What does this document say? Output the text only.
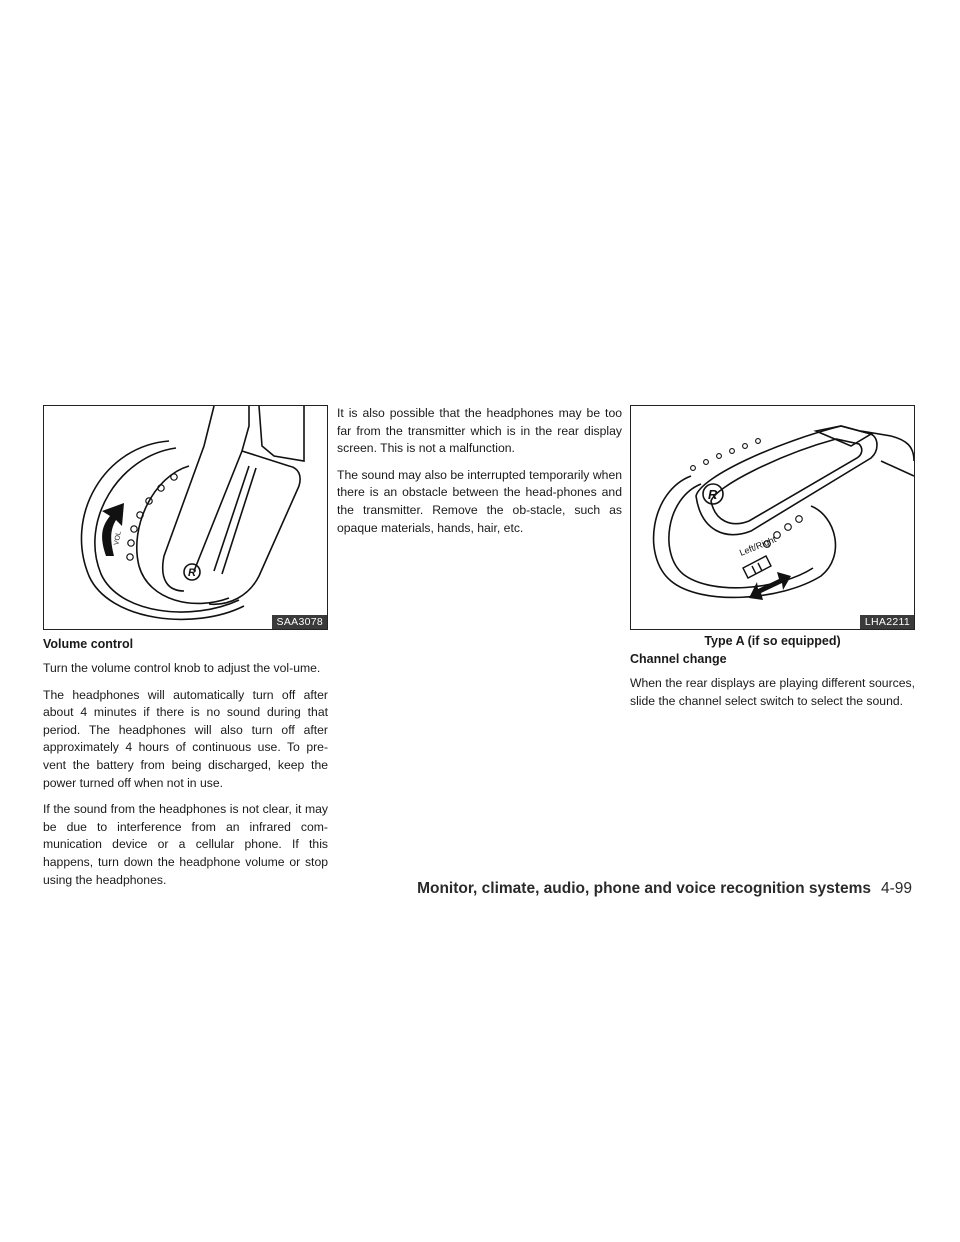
R
VOL
SAA3078
Volume control

Turn the volume control knob to adjust the vol-ume.

The headphones will automatically turn off after about 4 minutes if there is no sound during that period. The headphones will also turn off after approximately 4 hours of continuous use. To pre-vent the battery from being discharged, keep the power turned off when not in use.

If the sound from the headphones is not clear, it may be due to interference from an infrared com-munication device or a cellular phone. If this happens, turn down the headphone volume or stop using the headphones.

It is also possible that the headphones may be too far from the transmitter which is in the rear display screen. This is not a malfunction.

The sound may also be interrupted temporarily when there is an obstacle between the head-phones and the transmitter. Remove the ob-stacle, such as opaque materials, hands, hair, etc.

R
Left/Right
LHA2211
Type A (if so equipped)
Channel change

When the rear displays are playing different sources, slide the channel select switch to select the sound.

Monitor, climate, audio, phone and voice recognition systems 4-99
